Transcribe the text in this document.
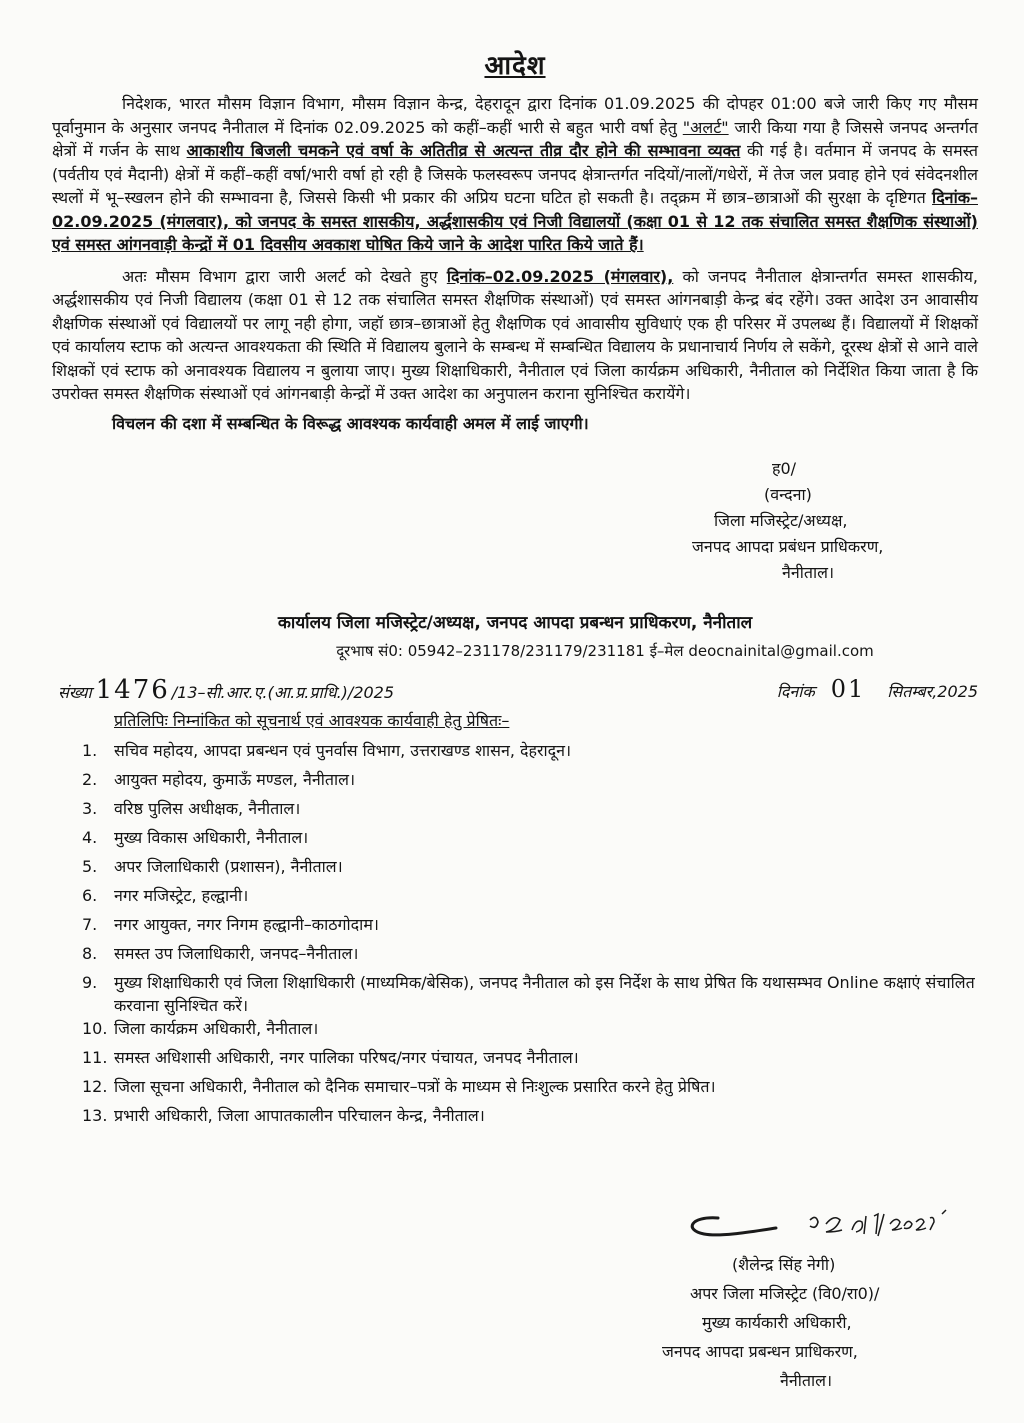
आदेश

निदेशक, भारत मौसम विज्ञान विभाग, मौसम विज्ञान केन्द्र, देहरादून द्वारा दिनांक 01.09.2025 की दोपहर 01:00 बजे जारी किए गए मौसम पूर्वानुमान के अनुसार जनपद नैनीताल में दिनांक 02.09.2025 को कहीं–कहीं भारी से बहुत भारी वर्षा हेतु "अलर्ट" जारी किया गया है जिससे जनपद अन्तर्गत क्षेत्रों में गर्जन के साथ आकाशीय बिजली चमकने एवं वर्षा के अतितीव्र से अत्यन्त तीव्र दौर होने की सम्भावना व्यक्त की गई है। वर्तमान में जनपद के समस्त (पर्वतीय एवं मैदानी) क्षेत्रों में कहीं–कहीं वर्षा/भारी वर्षा हो रही है जिसके फलस्वरूप जनपद क्षेत्रान्तर्गत नदियों/नालों/गधेरों, में तेज जल प्रवाह होने एवं संवेदनशील स्थलों में भू–स्खलन होने की सम्भावना है, जिससे किसी भी प्रकार की अप्रिय घटना घटित हो सकती है। तद्क्रम में छात्र–छात्राओं की सुरक्षा के दृष्टिगत दिनांक–02.09.2025 (मंगलवार), को जनपद के समस्त शासकीय, अर्द्धशासकीय एवं निजी विद्यालयों (कक्षा 01 से 12 तक संचालित समस्त शैक्षणिक संस्थाओं) एवं समस्त आंगनवाड़ी केन्द्रों में 01 दिवसीय अवकाश घोषित किये जाने के आदेश पारित किये जाते हैं।

अतः मौसम विभाग द्वारा जारी अलर्ट को देखते हुए दिनांक–02.09.2025 (मंगलवार), को जनपद नैनीताल क्षेत्रान्तर्गत समस्त शासकीय, अर्द्धशासकीय एवं निजी विद्यालय (कक्षा 01 से 12 तक संचालित समस्त शैक्षणिक संस्थाओं) एवं समस्त आंगनबाड़ी केन्द्र बंद रहेंगे। उक्त आदेश उन आवासीय शैक्षणिक संस्थाओं एवं विद्यालयों पर लागू नही होगा, जहॉ छात्र–छात्राओं हेतु शैक्षणिक एवं आवासीय सुविधाएं एक ही परिसर में उपलब्ध हैं। विद्यालयों में शिक्षकों एवं कार्यालय स्टाफ को अत्यन्त आवश्यकता की स्थिति में विद्यालय बुलाने के सम्बन्ध में सम्बन्धित विद्यालय के प्रधानाचार्य निर्णय ले सकेंगे, दूरस्थ क्षेत्रों से आने वाले शिक्षकों एवं स्टाफ को अनावश्यक विद्यालय न बुलाया जाए। मुख्य शिक्षाधिकारी, नैनीताल एवं जिला कार्यक्रम अधिकारी, नैनीताल को निर्देशित किया जाता है कि उपरोक्त समस्त शैक्षणिक संस्थाओं एवं आंगनबाड़ी केन्द्रों में उक्त आदेश का अनुपालन कराना सुनिश्चित करायेंगे।

विचलन की दशा में सम्बन्धित के विरूद्ध आवश्यक कार्यवाही अमल में लाई जाएगी।
ह0/
(वन्दना)
जिला मजिस्ट्रेट/अध्यक्ष,
जनपद आपदा प्रबंधन प्राधिकरण,
नैनीताल।
कार्यालय जिला मजिस्ट्रेट/अध्यक्ष, जनपद आपदा प्रबन्धन प्राधिकरण, नैनीताल
दूरभाष सं0: 05942–231178/231179/231181 ई–मेल deocnainital@gmail.com
संख्या 1476 /13–सी.आर.ए.(आ.प्र.प्राधि.)/2025	दिनांक 01 सितम्बर,2025
प्रतिलिपिः निम्नांकित को सूचनार्थ एवं आवश्यक कार्यवाही हेतु प्रेषितः–
1.	सचिव महोदय, आपदा प्रबन्धन एवं पुनर्वास विभाग, उत्तराखण्ड शासन, देहरादून।
2.	आयुक्त महोदय, कुमाऊँ मण्डल, नैनीताल।
3.	वरिष्ठ पुलिस अधीक्षक, नैनीताल।
4.	मुख्य विकास अधिकारी, नैनीताल।
5.	अपर जिलाधिकारी (प्रशासन), नैनीताल।
6.	नगर मजिस्ट्रेट, हल्द्वानी।
7.	नगर आयुक्त, नगर निगम हल्द्वानी–काठगोदाम।
8.	समस्त उप जिलाधिकारी, जनपद–नैनीताल।
9.	मुख्य शिक्षाधिकारी एवं जिला शिक्षाधिकारी (माध्यमिक/बेसिक), जनपद नैनीताल को इस निर्देश के साथ प्रेषित कि यथासम्भव Online कक्षाएं संचालित करवाना सुनिश्चित करें।
10. जिला कार्यक्रम अधिकारी, नैनीताल।
11. समस्त अधिशासी अधिकारी, नगर पालिका परिषद/नगर पंचायत, जनपद नैनीताल।
12. जिला सूचना अधिकारी, नैनीताल को दैनिक समाचार–पत्रों के माध्यम से निःशुल्क प्रसारित करने हेतु प्रेषित।
13. प्रभारी अधिकारी, जिला आपातकालीन परिचालन केन्द्र, नैनीताल।
(शैलेन्द्र सिंह नेगी)
अपर जिला मजिस्ट्रेट (वि0/रा0)/
मुख्य कार्यकारी अधिकारी,
जनपद आपदा प्रबन्धन प्राधिकरण,
नैनीताल।
